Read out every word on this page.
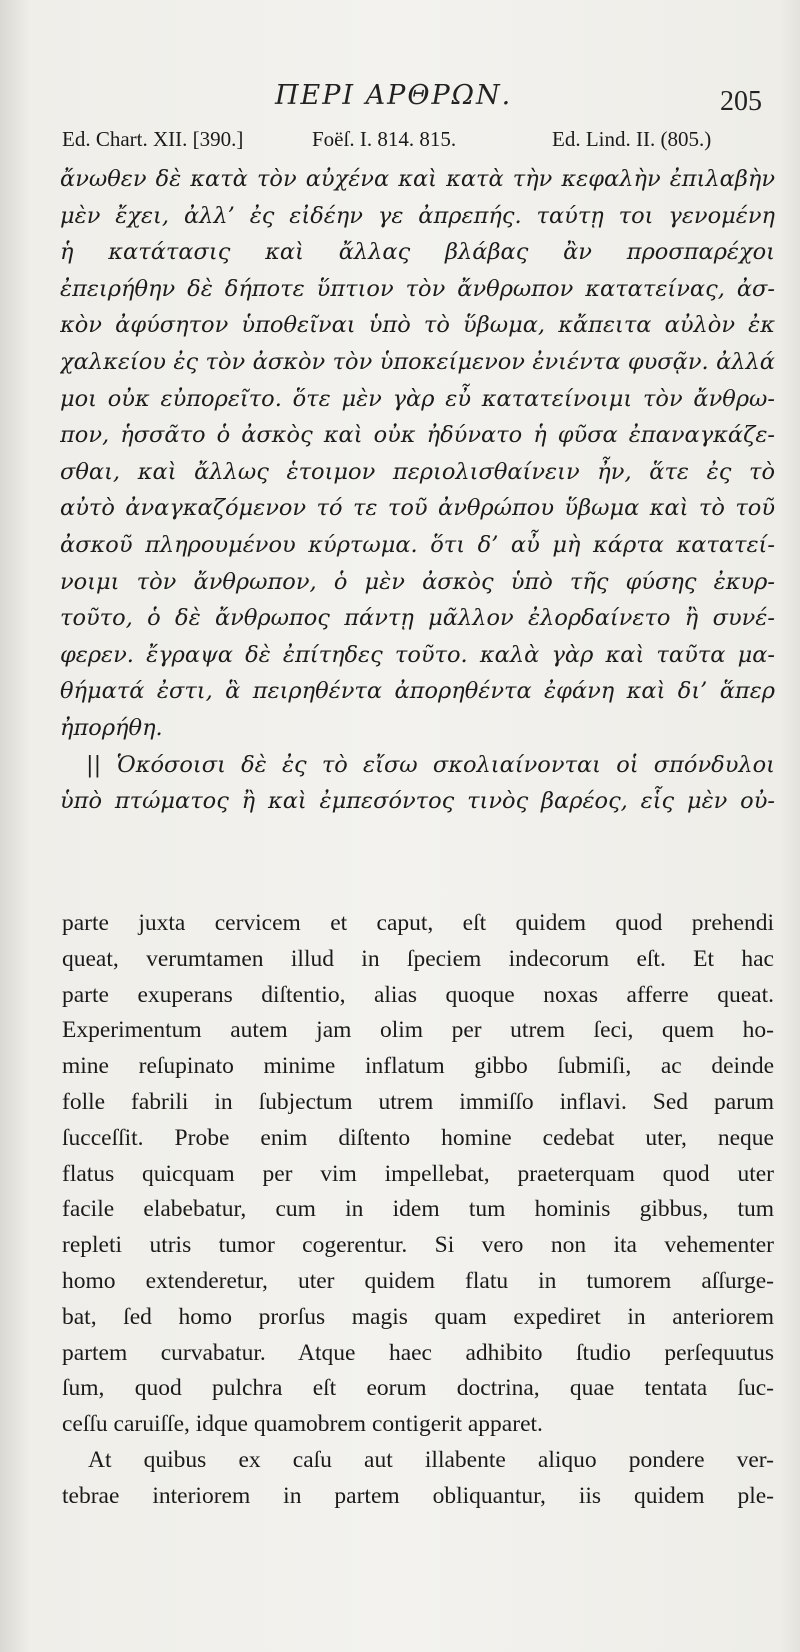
ΠΕΡΙ ΑΡΘΡΩΝ.	205
Ed. Chart. XII. [390.]	Foëſ. I. 814. 815.	Ed. Lind. II. (805.)
ἄνωθεν δὲ κατὰ τὸν αὐχένα καὶ κατὰ τὴν κεφαλὴν ἐπιλαβὴν
μὲν ἔχει, ἀλλ’ ἐς εἰδέην γε ἀπρεπής. ταύτῃ τοι γενομένη
ἡ κατάτασις καὶ ἄλλας βλάβας ἂν προσπαρέχοι
ἐπειρήθην δὲ δήποτε ὕπτιον τὸν ἄνθρωπον κατατείνας, ἀσ-
κὸν ἀφύσητον ὑποθεῖναι ὑπὸ τὸ ὕβωμα, κἄπειτα αὐλὸν ἐκ
χαλκείου ἐς τὸν ἀσκὸν τὸν ὑποκείμενον ἐνιέντα φυσᾷν. ἀλλά
μοι οὐκ εὐπορεῖτο. ὅτε μὲν γὰρ εὖ κατατείνοιμι τὸν ἄνθρω-
πον, ἡσσᾶτο ὁ ἀσκὸς καὶ οὐκ ἠδύνατο ἡ φῦσα ἐπαναγκάζε-
σθαι, καὶ ἄλλως ἑτοιμον περιολισθαίνειν ἦν, ἅτε ἐς τὸ
αὐτὸ ἀναγκαζόμενον τό τε τοῦ ἀνθρώπου ὕβωμα καὶ τὸ τοῦ
ἀσκοῦ πληρουμένου κύρτωμα. ὅτι δ’ αὖ μὴ κάρτα κατατεί-
νοιμι τὸν ἄνθρωπον, ὁ μὲν ἀσκὸς ὑπὸ τῆς φύσης ἐκυρ-
τοῦτο, ὁ δὲ ἄνθρωπος πάντῃ μᾶλλον ἐλορδαίνετο ἢ συνέ-
φερεν. ἔγραψα δὲ ἐπίτηδες τοῦτο. καλὰ γὰρ καὶ ταῦτα μα-
θήματά ἐστι, ἃ πειρηθέντα ἀπορηθέντα ἐφάνη καὶ δι’ ἅπερ
ἠπορήθη.
|| Ὁκόσοισι δὲ ἐς τὸ εἴσω σκολιαίνονται οἱ σπόνδυλοι
ὑπὸ πτώματος ἢ καὶ ἐμπεσόντος τινὸς βαρέος, εἷς μὲν οὐ-
parte juxta cervicem et caput, eſt quidem quod prehendi
queat, verumtamen illud in ſpeciem indecorum eſt. Et hac
parte exuperans diſtentio, alias quoque noxas afferre queat.
Experimentum autem jam olim per utrem ſeci, quem ho-
mine reſupinato minime inflatum gibbo ſubmiſi, ac deinde
folle fabrili in ſubjectum utrem immiſſo inflavi. Sed parum
ſucceſſit. Probe enim diſtento homine cedebat uter, neque
flatus quicquam per vim impellebat, praeterquam quod uter
facile elabebatur, cum in idem tum hominis gibbus, tum
repleti utris tumor cogerentur. Si vero non ita vehementer
homo extenderetur, uter quidem flatu in tumorem aſſurge-
bat, ſed homo prorſus magis quam expediret in anteriorem
partem curvabatur. Atque haec adhibito ſtudio perſequutus
ſum, quod pulchra eſt eorum doctrina, quae tentata ſuc-
ceſſu caruiſſe, idque quamobrem contigerit apparet.
At quibus ex caſu aut illabente aliquo pondere ver-
tebrae interiorem in partem obliquantur, iis quidem ple-
